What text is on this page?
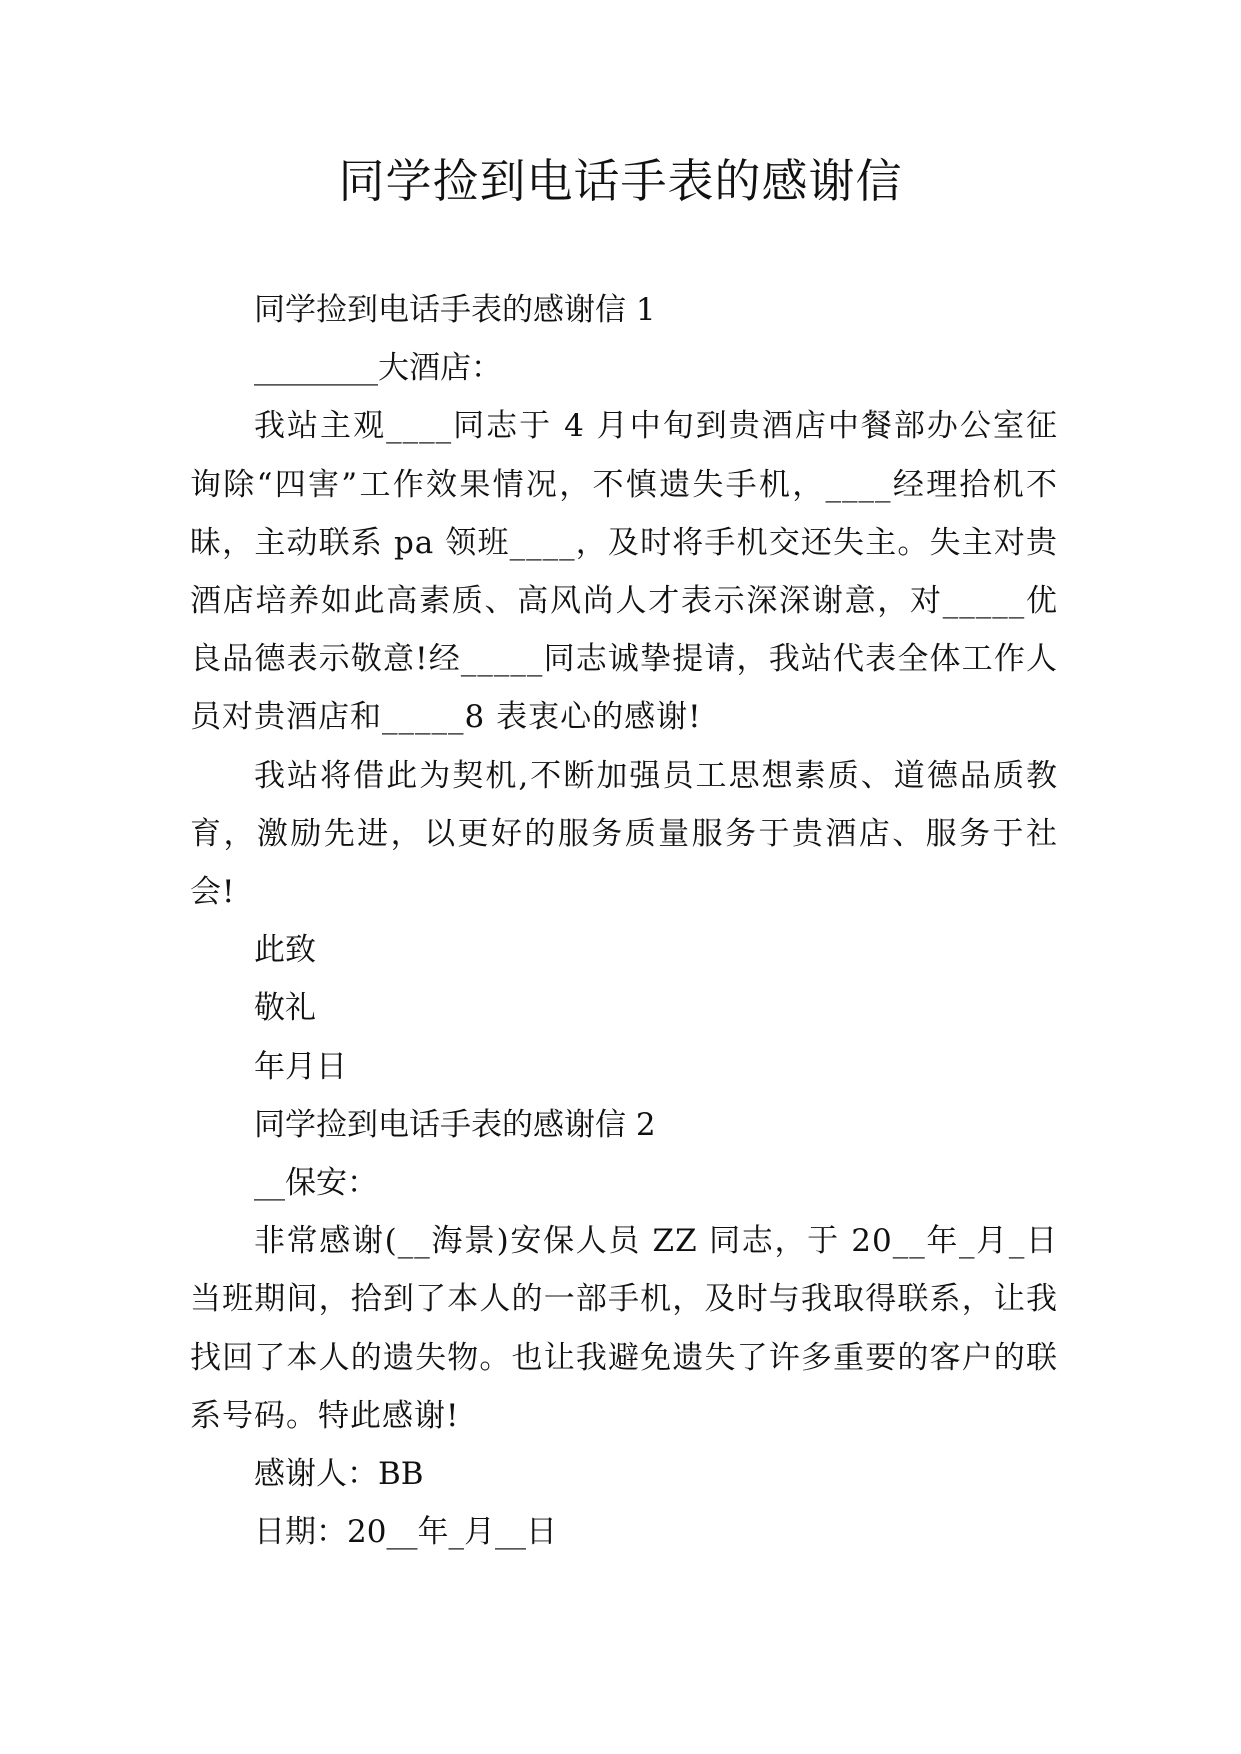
同学捡到电话手表的感谢信

同学捡到电话手表的感谢信 1

________大酒店：

我站主观____同志于 4 月中旬到贵酒店中餐部办公室征询除“四害”工作效果情况，不慎遗失手机，____经理拾机不昧，主动联系 pa 领班____，及时将手机交还失主。失主对贵酒店培养如此高素质、高风尚人才表示深深谢意，对_____优良品德表示敬意!经_____同志诚挚提请，我站代表全体工作人员对贵酒店和_____8 表衷心的感谢!

我站将借此为契机,不断加强员工思想素质、道德品质教育，激励先进，以更好的服务质量服务于贵酒店、服务于社会!

此致

敬礼

年月日

同学捡到电话手表的感谢信 2

__保安：

非常感谢(__海景)安保人员 ZZ 同志，于 20__年_月_日当班期间，拾到了本人的一部手机，及时与我取得联系，让我找回了本人的遗失物。也让我避免遗失了许多重要的客户的联系号码。特此感谢!

感谢人：BB

日期：20__年_月__日
